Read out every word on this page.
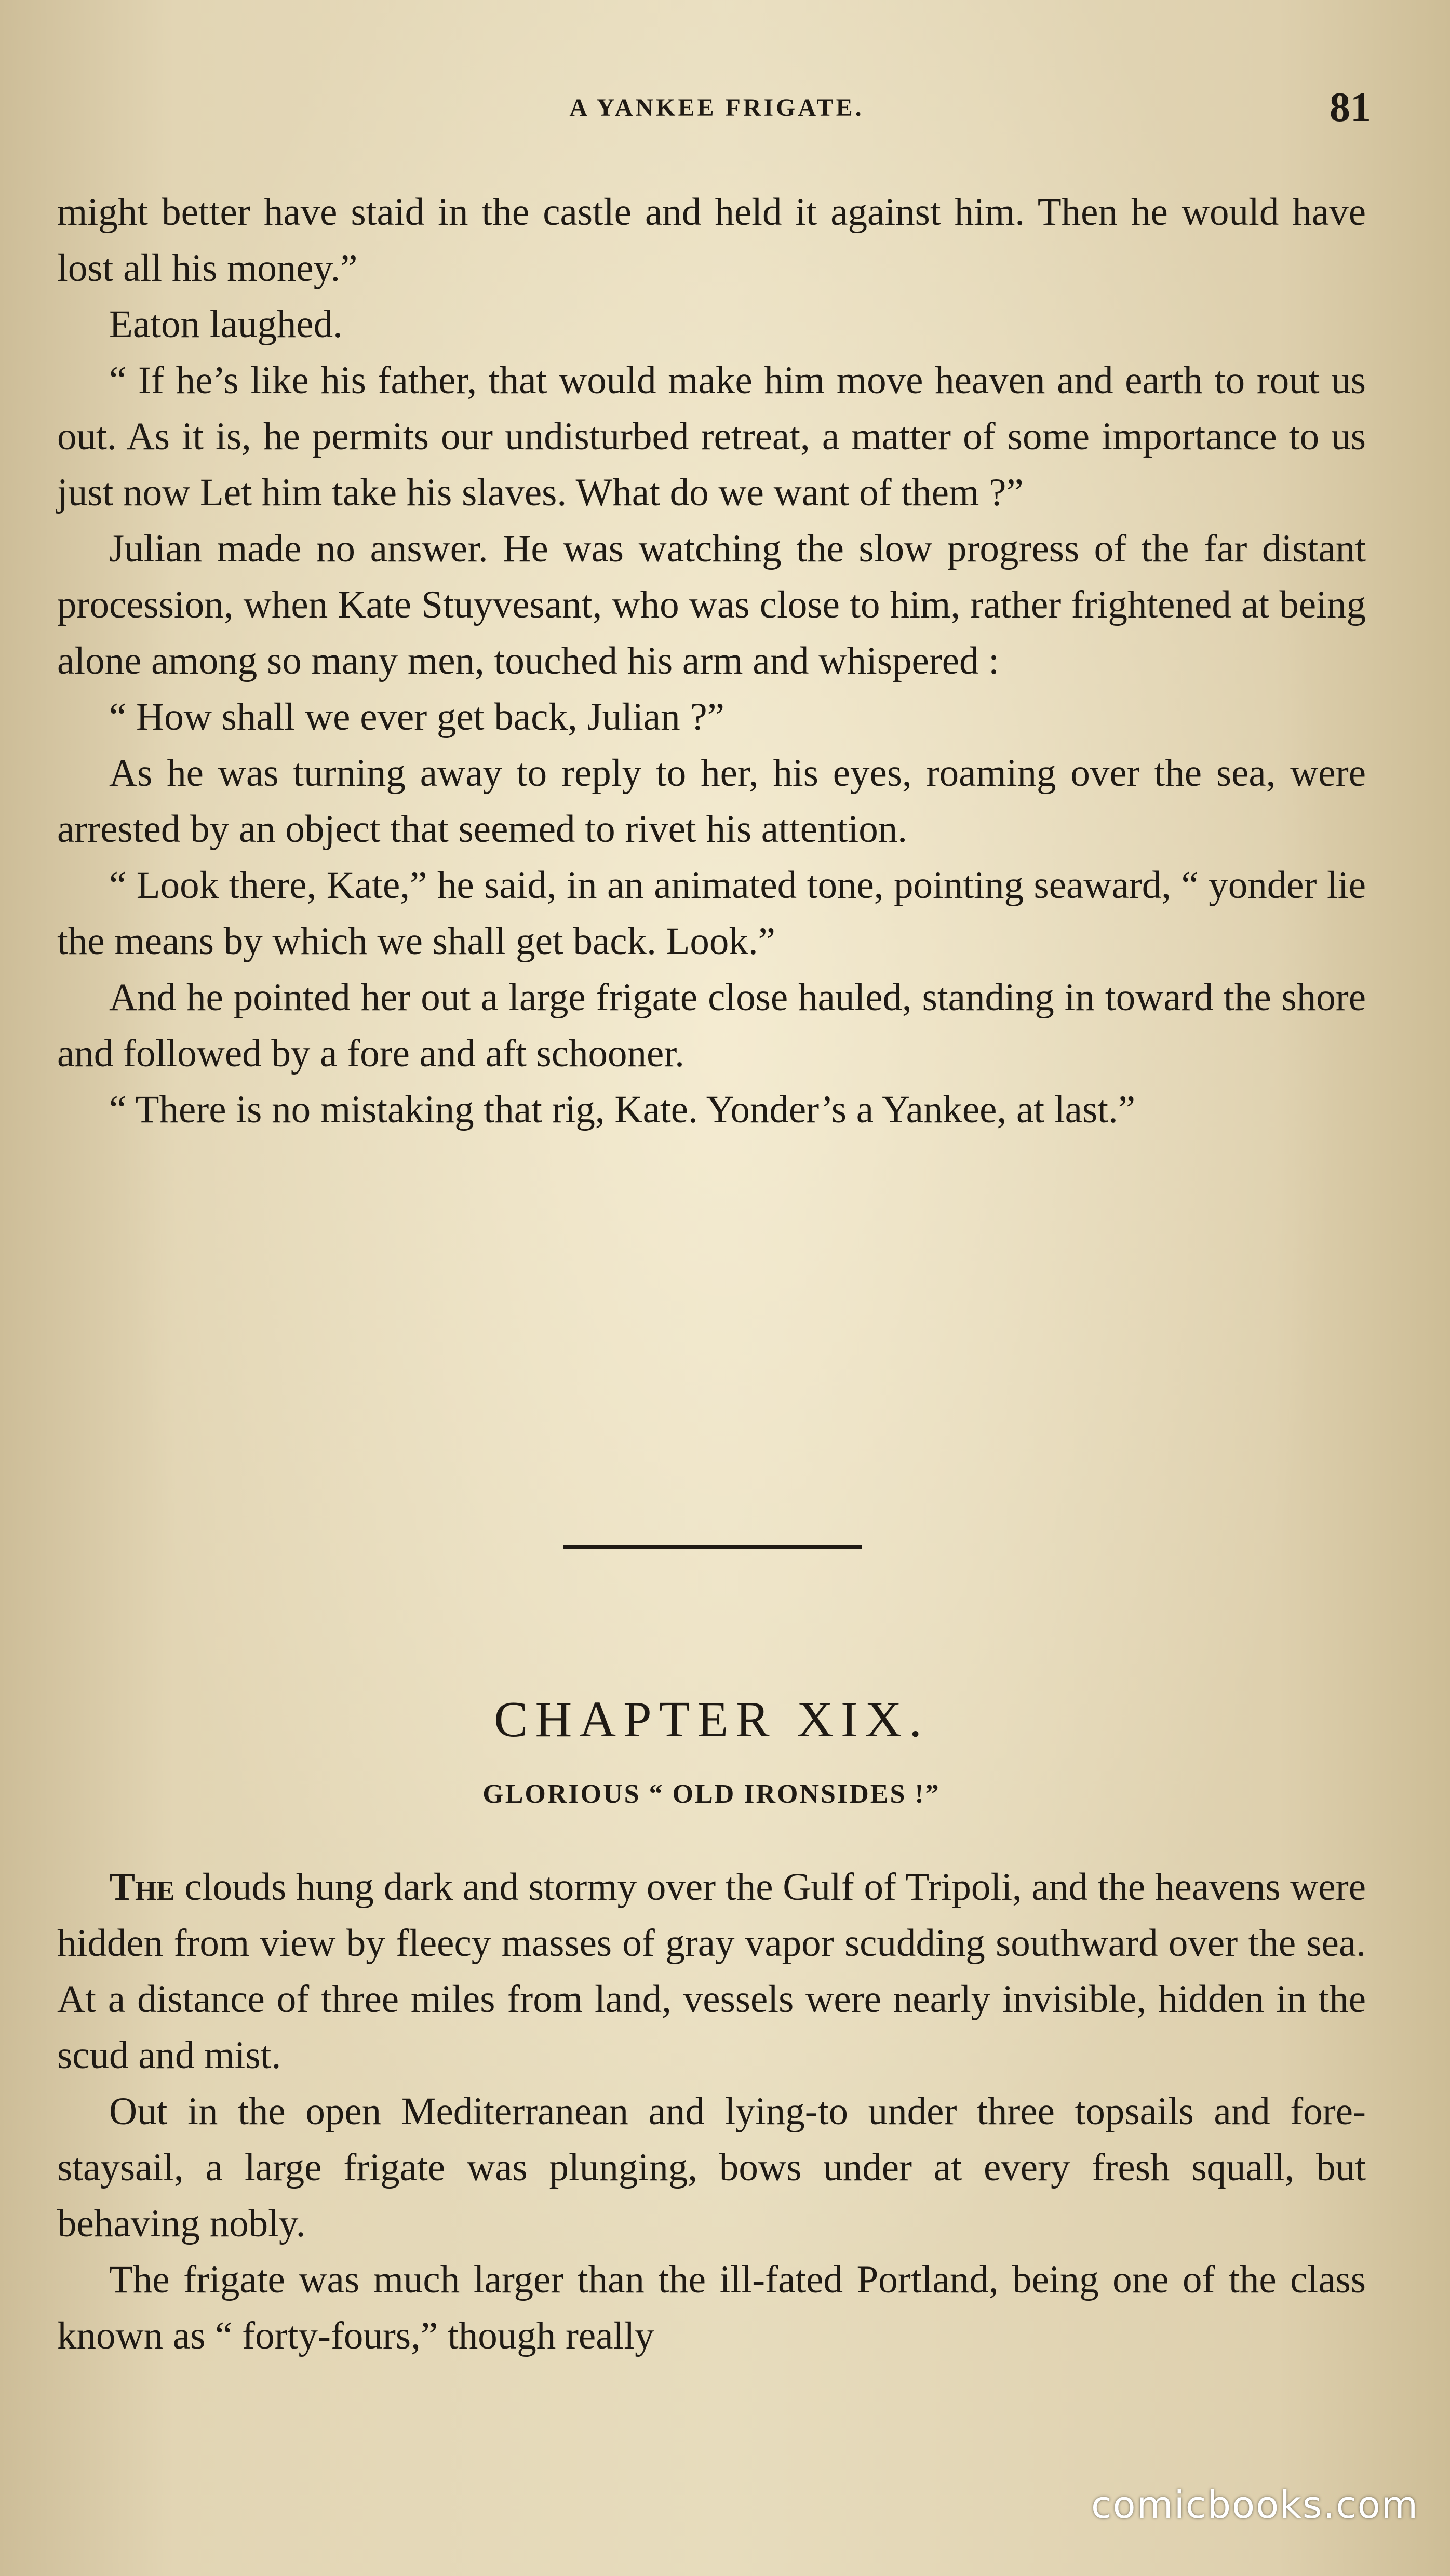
A YANKEE FRIGATE.	81

might better have staid in the castle and held it against him. Then he would have lost all his money.”

Eaton laughed.

“ If he’s like his father, that would make him move heaven and earth to rout us out. As it is, he permits our undisturbed retreat, a matter of some importance to us just now Let him take his slaves. What do we want of them ?”

Julian made no answer. He was watching the slow progress of the far distant procession, when Kate Stuyvesant, who was close to him, rather frightened at being alone among so many men, touched his arm and whispered :

“ How shall we ever get back, Julian ?”

As he was turning away to reply to her, his eyes, roaming over the sea, were arrested by an object that seemed to rivet his attention.

“ Look there, Kate,” he said, in an animated tone, pointing seaward, “ yonder lie the means by which we shall get back. Look.”

And he pointed her out a large frigate close hauled, standing in toward the shore and followed by a fore and aft schooner.

“ There is no mistaking that rig, Kate. Yonder’s a Yankee, at last.”

CHAPTER XIX.
GLORIOUS “ OLD IRONSIDES !”

The clouds hung dark and stormy over the Gulf of Tripoli, and the heavens were hidden from view by fleecy masses of gray vapor scudding southward over the sea. At a distance of three miles from land, vessels were nearly invisible, hidden in the scud and mist.

Out in the open Mediterranean and lying-to under three topsails and fore-staysail, a large frigate was plunging, bows under at every fresh squall, but behaving nobly.

The frigate was much larger than the ill-fated Portland, being one of the class known as “ forty-fours,” though really

comicbooks.com
